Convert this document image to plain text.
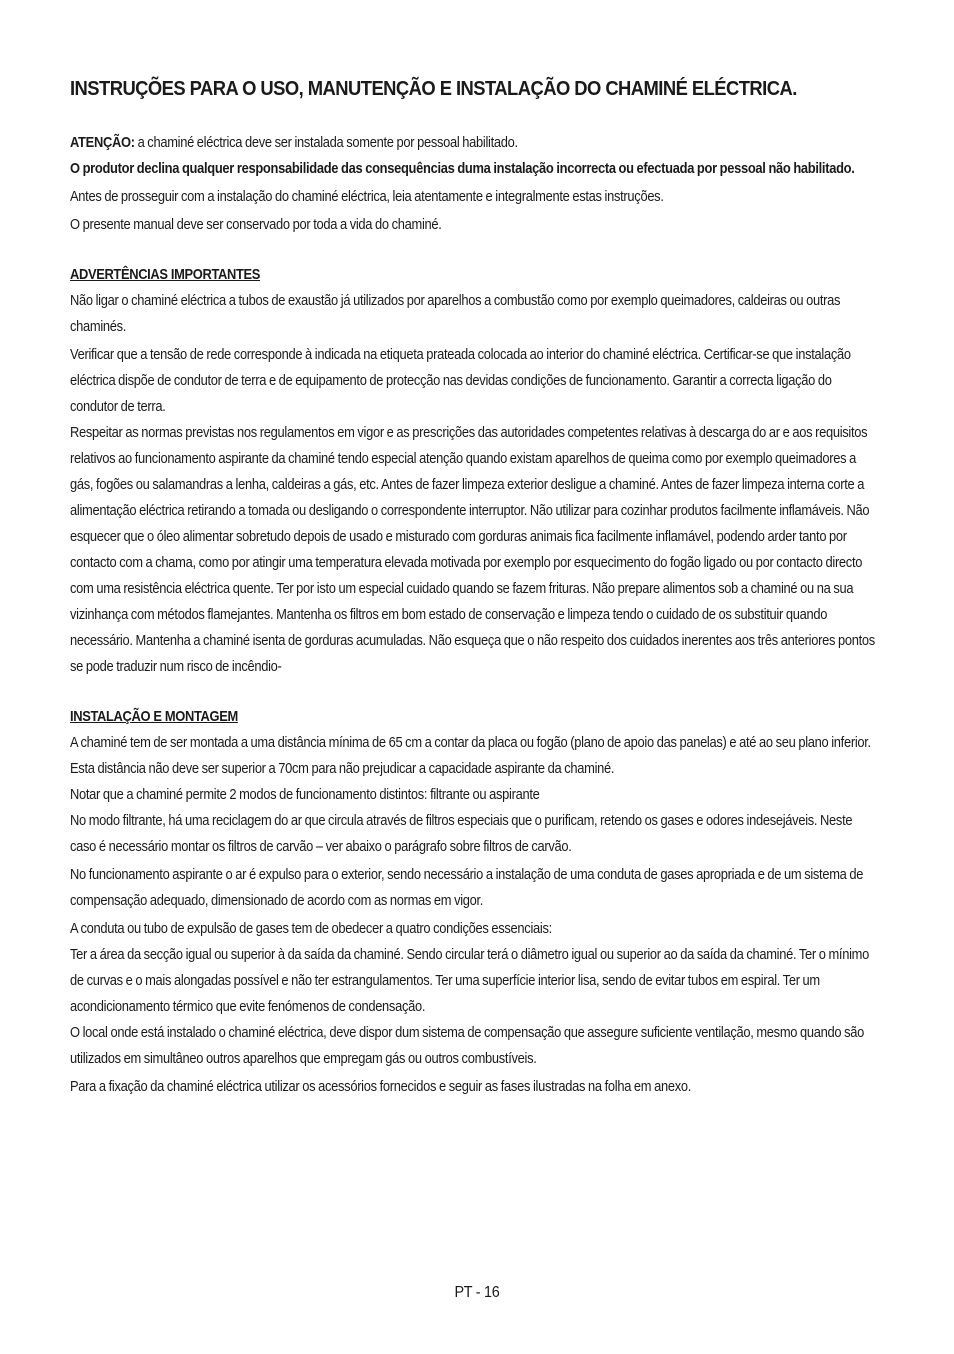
INSTRUÇÕES PARA O USO, MANUTENÇÃO E INSTALAÇÃO DO CHAMINÉ ELÉCTRICA.

ATENÇÃO: a chaminé eléctrica deve ser instalada somente por pessoal habilitado.

O produtor declina qualquer responsabilidade das consequências duma instalação incorrecta ou efectuada por pessoal não habilitado.

Antes de prosseguir com a instalação do chaminé eléctrica, leia atentamente e integralmente estas instruções.

O presente manual deve ser conservado por toda a vida do chaminé.

ADVERTÊNCIAS IMPORTANTES

Não ligar o chaminé eléctrica a tubos de exaustão já utilizados por aparelhos a combustão como por exemplo queimadores, caldeiras ou outras chaminés.

Verificar que a tensão de rede corresponde à indicada na etiqueta prateada colocada ao interior do chaminé eléctrica. Certificar-se que instalação eléctrica dispõe de condutor de terra e de equipamento de protecção nas devidas condições de funcionamento. Garantir a correcta ligação do condutor de terra.

Respeitar as normas previstas nos regulamentos em vigor e as prescrições das autoridades competentes relativas à descarga do ar e aos requisitos relativos ao funcionamento aspirante da chaminé tendo especial atenção quando existam aparelhos de queima como por exemplo queimadores a gás, fogões ou salamandras a lenha, caldeiras a gás, etc. Antes de fazer limpeza exterior desligue a chaminé. Antes de fazer limpeza interna corte a alimentação eléctrica retirando a tomada ou desligando o correspondente interruptor. Não utilizar para cozinhar produtos facilmente inflamáveis. Não esquecer que o óleo alimentar sobretudo depois de usado e misturado com gorduras animais fica facilmente inflamável, podendo arder tanto por contacto com a chama, como por atingir uma temperatura elevada motivada por exemplo por esquecimento do fogão ligado ou por contacto directo com uma resistência eléctrica quente. Ter por isto um especial cuidado quando se fazem frituras. Não prepare alimentos sob a chaminé ou na sua vizinhança com métodos flamejantes. Mantenha os filtros em bom estado de conservação e limpeza tendo o cuidado de os substituir quando necessário. Mantenha a chaminé isenta de gorduras acumuladas. Não esqueça que o não respeito dos cuidados inerentes aos três anteriores pontos se pode traduzir num risco de incêndio-

INSTALAÇÃO E MONTAGEM

A chaminé tem de ser montada a uma distância mínima de 65 cm a contar da placa ou fogão (plano de apoio das panelas) e até ao seu plano inferior. Esta distância não deve ser superior a 70cm para não prejudicar a capacidade aspirante da chaminé.

Notar que a chaminé permite 2 modos de funcionamento distintos: filtrante ou aspirante

No modo filtrante, há uma reciclagem do ar que circula através de filtros especiais que o purificam, retendo os gases e odores indesejáveis. Neste caso é necessário montar os filtros de carvão – ver abaixo o parágrafo sobre filtros de carvão.

No funcionamento aspirante o ar é expulso para o exterior, sendo necessário a instalação de uma conduta de gases apropriada e de um sistema de compensação adequado, dimensionado de acordo com as normas em vigor.

A conduta ou tubo de expulsão de gases tem de obedecer a quatro condições essenciais:

Ter a área da secção igual ou superior à da saída da chaminé. Sendo circular terá o diâmetro igual ou superior ao da saída da chaminé. Ter o mínimo de curvas e o mais alongadas possível e não ter estrangulamentos. Ter uma superfície interior lisa, sendo de evitar tubos em espiral. Ter um acondicionamento térmico que evite fenómenos de condensação.

O local onde está instalado o chaminé eléctrica, deve dispor dum sistema de compensação que assegure suficiente ventilação, mesmo quando são utilizados em simultâneo outros aparelhos que empregam gás ou outros combustíveis.

Para a fixação da chaminé eléctrica utilizar os acessórios fornecidos e seguir as fases ilustradas na folha em anexo.

PT - 16
